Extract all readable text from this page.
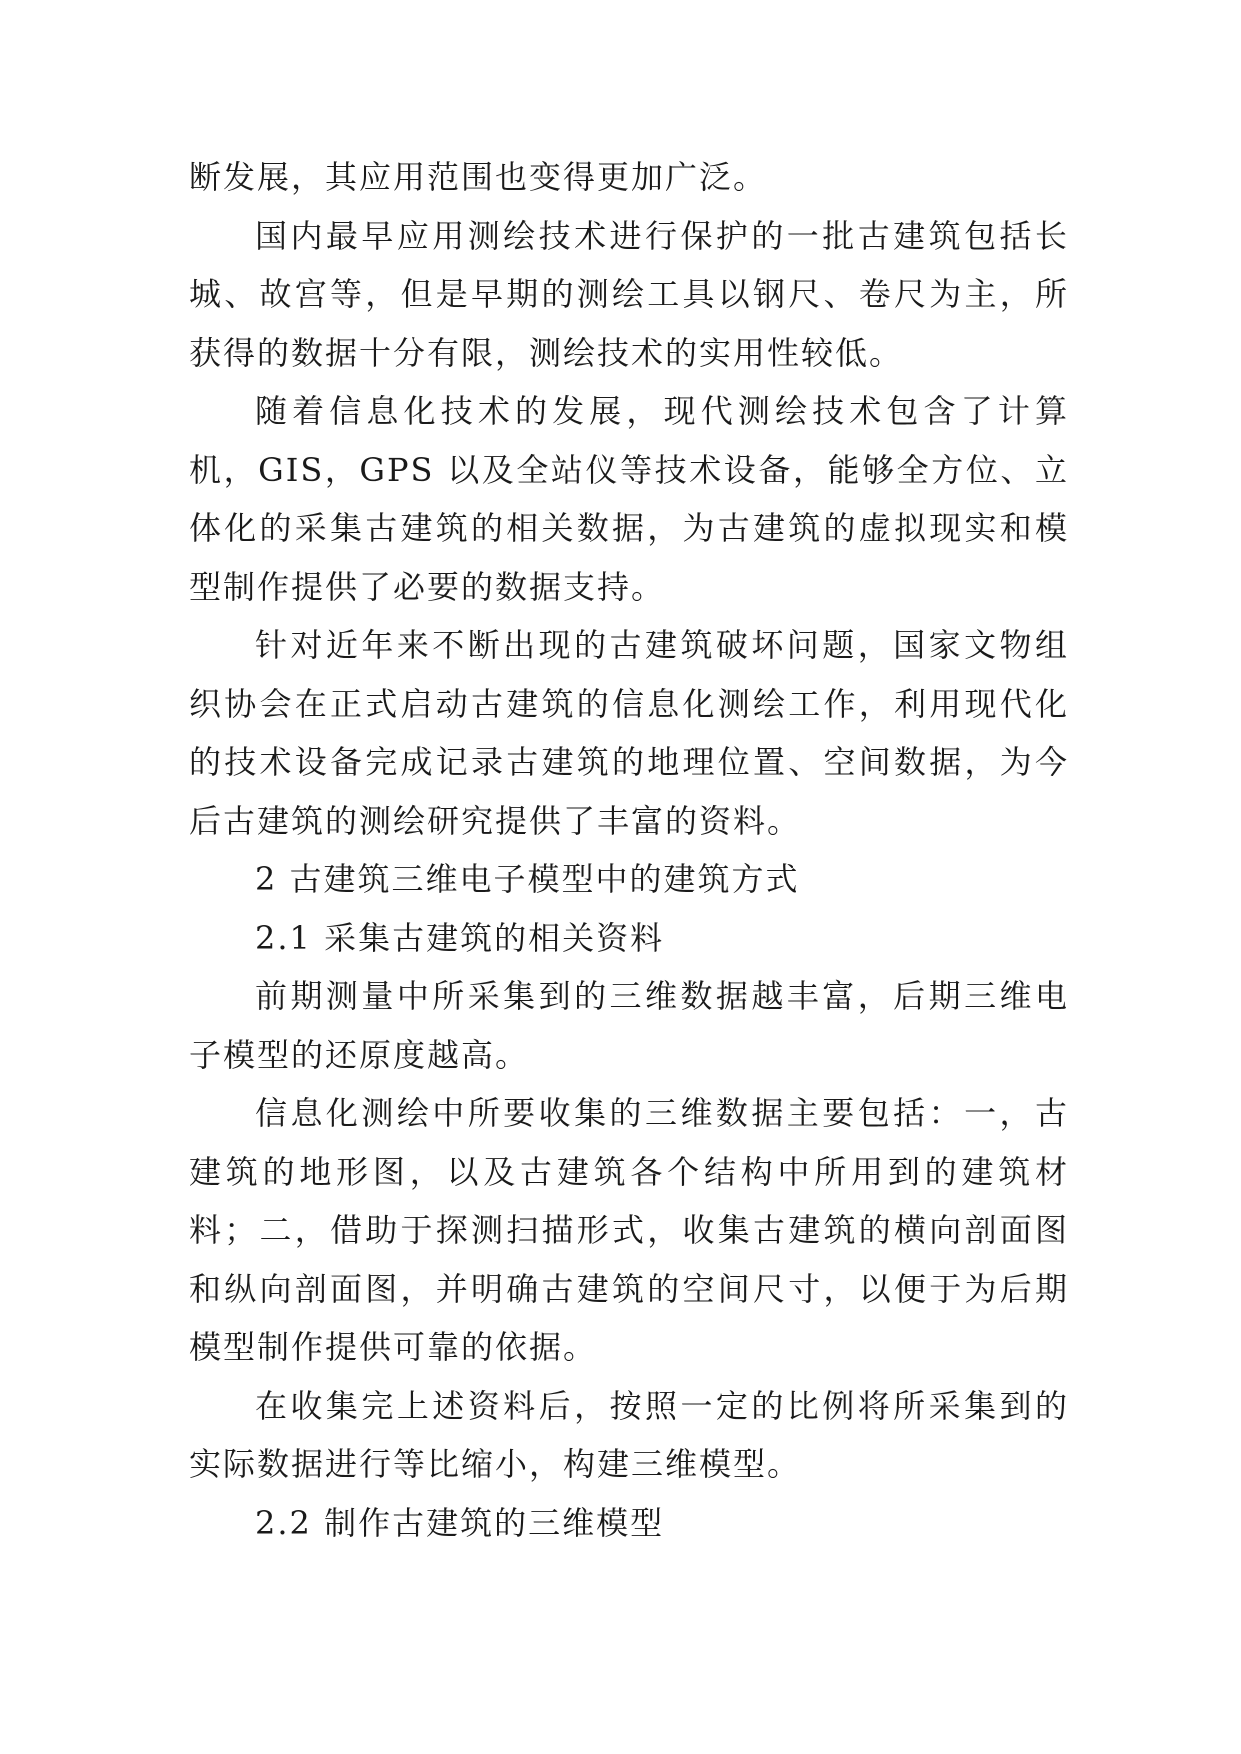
断发展，其应用范围也变得更加广泛。

国内最早应用测绘技术进行保护的一批古建筑包括长城、故宫等，但是早期的测绘工具以钢尺、卷尺为主，所获得的数据十分有限，测绘技术的实用性较低。

随着信息化技术的发展，现代测绘技术包含了计算机，GIS，GPS 以及全站仪等技术设备，能够全方位、立体化的采集古建筑的相关数据，为古建筑的虚拟现实和模型制作提供了必要的数据支持。

针对近年来不断出现的古建筑破坏问题，国家文物组织协会在正式启动古建筑的信息化测绘工作，利用现代化的技术设备完成记录古建筑的地理位置、空间数据，为今后古建筑的测绘研究提供了丰富的资料。

2 古建筑三维电子模型中的建筑方式

2.1 采集古建筑的相关资料

前期测量中所采集到的三维数据越丰富，后期三维电子模型的还原度越高。

信息化测绘中所要收集的三维数据主要包括：一，古建筑的地形图，以及古建筑各个结构中所用到的建筑材料；二，借助于探测扫描形式，收集古建筑的横向剖面图和纵向剖面图，并明确古建筑的空间尺寸，以便于为后期模型制作提供可靠的依据。

在收集完上述资料后，按照一定的比例将所采集到的实际数据进行等比缩小，构建三维模型。

2.2 制作古建筑的三维模型
